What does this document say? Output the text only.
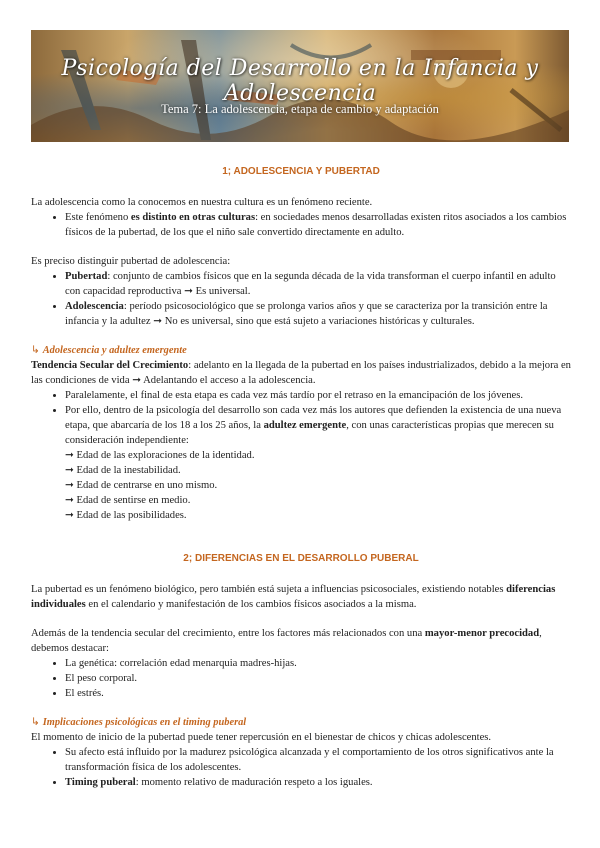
Psicología del Desarrollo en la Infancia y Adolescencia
Tema 7: La adolescencia, etapa de cambio y adaptación
1; ADOLESCENCIA Y PUBERTAD

La adolescencia como la conocemos en nuestra cultura es un fenómeno reciente.

• Este fenómeno es distinto en otras culturas: en sociedades menos desarrolladas existen ritos asociados a los cambios físicos de la pubertad, de los que el niño sale convertido directamente en adulto.

Es preciso distinguir pubertad de adolescencia:

• Pubertad: conjunto de cambios físicos que en la segunda década de la vida transforman el cuerpo infantil en adulto con capacidad reproductiva ➞ Es universal.
• Adolescencia: período psicosociológico que se prolonga varios años y que se caracteriza por la transición entre la infancia y la adultez ➞ No es universal, sino que está sujeto a variaciones históricas y culturales.
↳ Adolescencia y adultez emergente

Tendencia Secular del Crecimiento: adelanto en la llegada de la pubertad en los países industrializados, debido a la mejora en las condiciones de vida ➞ Adelantando el acceso a la adolescencia.

• Paralelamente, el final de esta etapa es cada vez más tardío por el retraso en la emancipación de los jóvenes.
• Por ello, dentro de la psicología del desarrollo son cada vez más los autores que defienden la existencia de una nueva etapa, que abarcaría de los 18 a los 25 años, la adultez emergente, con unas características propias que merecen su consideración independiente:
➞ Edad de las exploraciones de la identidad.
➞ Edad de la inestabilidad.
➞ Edad de centrarse en uno mismo.
➞ Edad de sentirse en medio.
➞ Edad de las posibilidades.
2; DIFERENCIAS EN EL DESARROLLO PUBERAL

La pubertad es un fenómeno biológico, pero también está sujeta a influencias psicosociales, existiendo notables diferencias individuales en el calendario y manifestación de los cambios físicos asociados a la misma.

Además de la tendencia secular del crecimiento, entre los factores más relacionados con una mayor-menor precocidad, debemos destacar:

• La genética: correlación edad menarquia madres-hijas.
• El peso corporal.
• El estrés.
↳ Implicaciones psicológicas en el timing puberal

El momento de inicio de la pubertad puede tener repercusión en el bienestar de chicos y chicas adolescentes.

• Su afecto está influido por la madurez psicológica alcanzada y el comportamiento de los otros significativos ante la transformación física de los adolescentes.
• Timing puberal: momento relativo de maduración respeto a los iguales.
